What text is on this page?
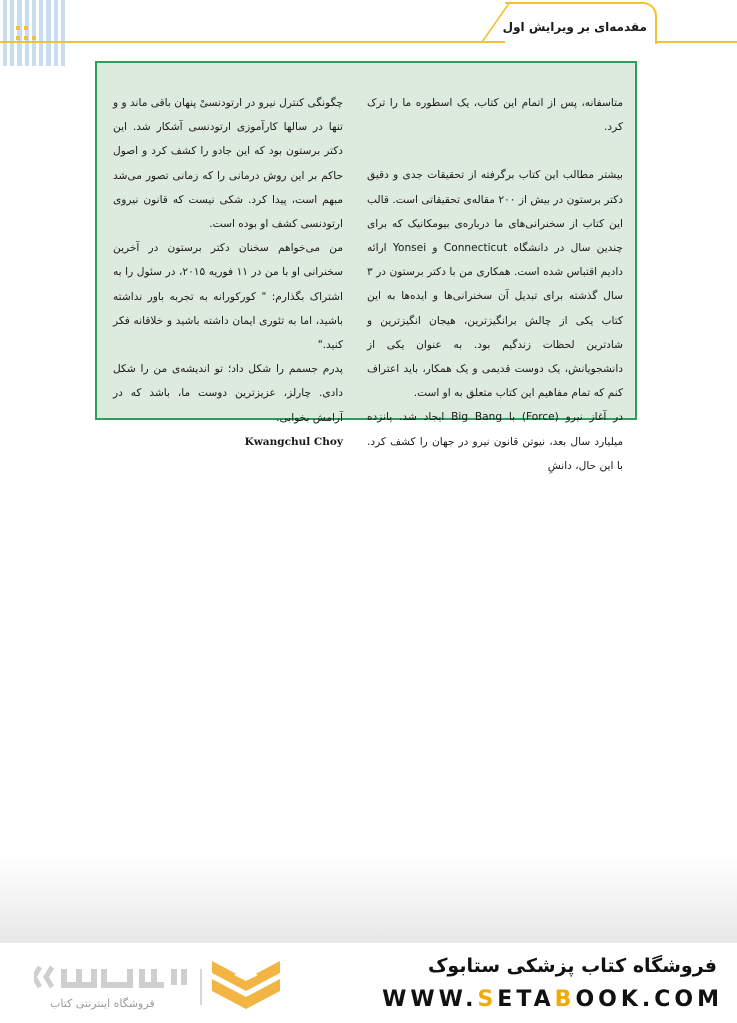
مقدمه‌ای بر ویرایش اول

متاسفانه، پس از اتمام این کتاب، یک اسطوره ما را ترک کرد.

بیشتر مطالب این کتاب برگرفته از تحقیقات جدی و دقیق دکتر برستون در بیش از ۲۰۰ مقاله‌ی تحقیقاتی است. قالب این کتاب از سخنرانی‌های ما درباره‌ی بیومکانیک که برای چندین سال در دانشگاه Connecticut و Yonsei ارائه دادیم اقتباس شده است. همکاری من با دکتر برستون در ۳ سال گذشته برای تبدیل آن سخنرانی‌ها و ایده‌ها به این کتاب یکی از چالش برانگیزترین، هیجان انگیزترین و شادترین لحظات زندگیم بود. به عنوان یکی از دانشجویانش، یک دوست قدیمی و یک همکار، باید اعتراف کنم که تمام مفاهیم این کتاب متعلق به او است.

در آغاز نیرو (Force) با Big Bang ایجاد شد. پانزده میلیارد سال بعد، نیوتن قانون نیرو در جهان را کشف کرد. با این حال، دانشِ

چگونگی کنترل نیرو در ارتودنسیْ پنهان باقی ماند و و تنها در سالها کارآموزی ارتودنسی آشکار شد. این دکتر برستون بود که این جادو را کشف کرد و اصول حاکم بر این روش درمانی را که زمانی تصور می‌شد مبهم است، پیدا کرد. شکی نیست که قانون نیروی ارتودنسی کشف او بوده است.

من می‌خواهم سخنان دکتر برستون در آخرین سخنرانی او با من در ۱۱ فوریه ۲۰۱۵، در سئول را به اشتراک بگذارم: " کورکورانه به تجربه باور نداشته باشید، اما به تئوری ایمان داشته باشید و خلاقانه فکر کنید."

پدرم جسمم را شکل داد؛ تو اندیشه‌ی من را شکل دادی. چارلز، عزیزترین دوست ما، باشد که در آرامش بخوابی.

Kwangchul Choy

فروشگاه اینترنتی کتاب
فروشگاه کتاب پزشکی ستابوک
WWW.SETABOOK.COM
